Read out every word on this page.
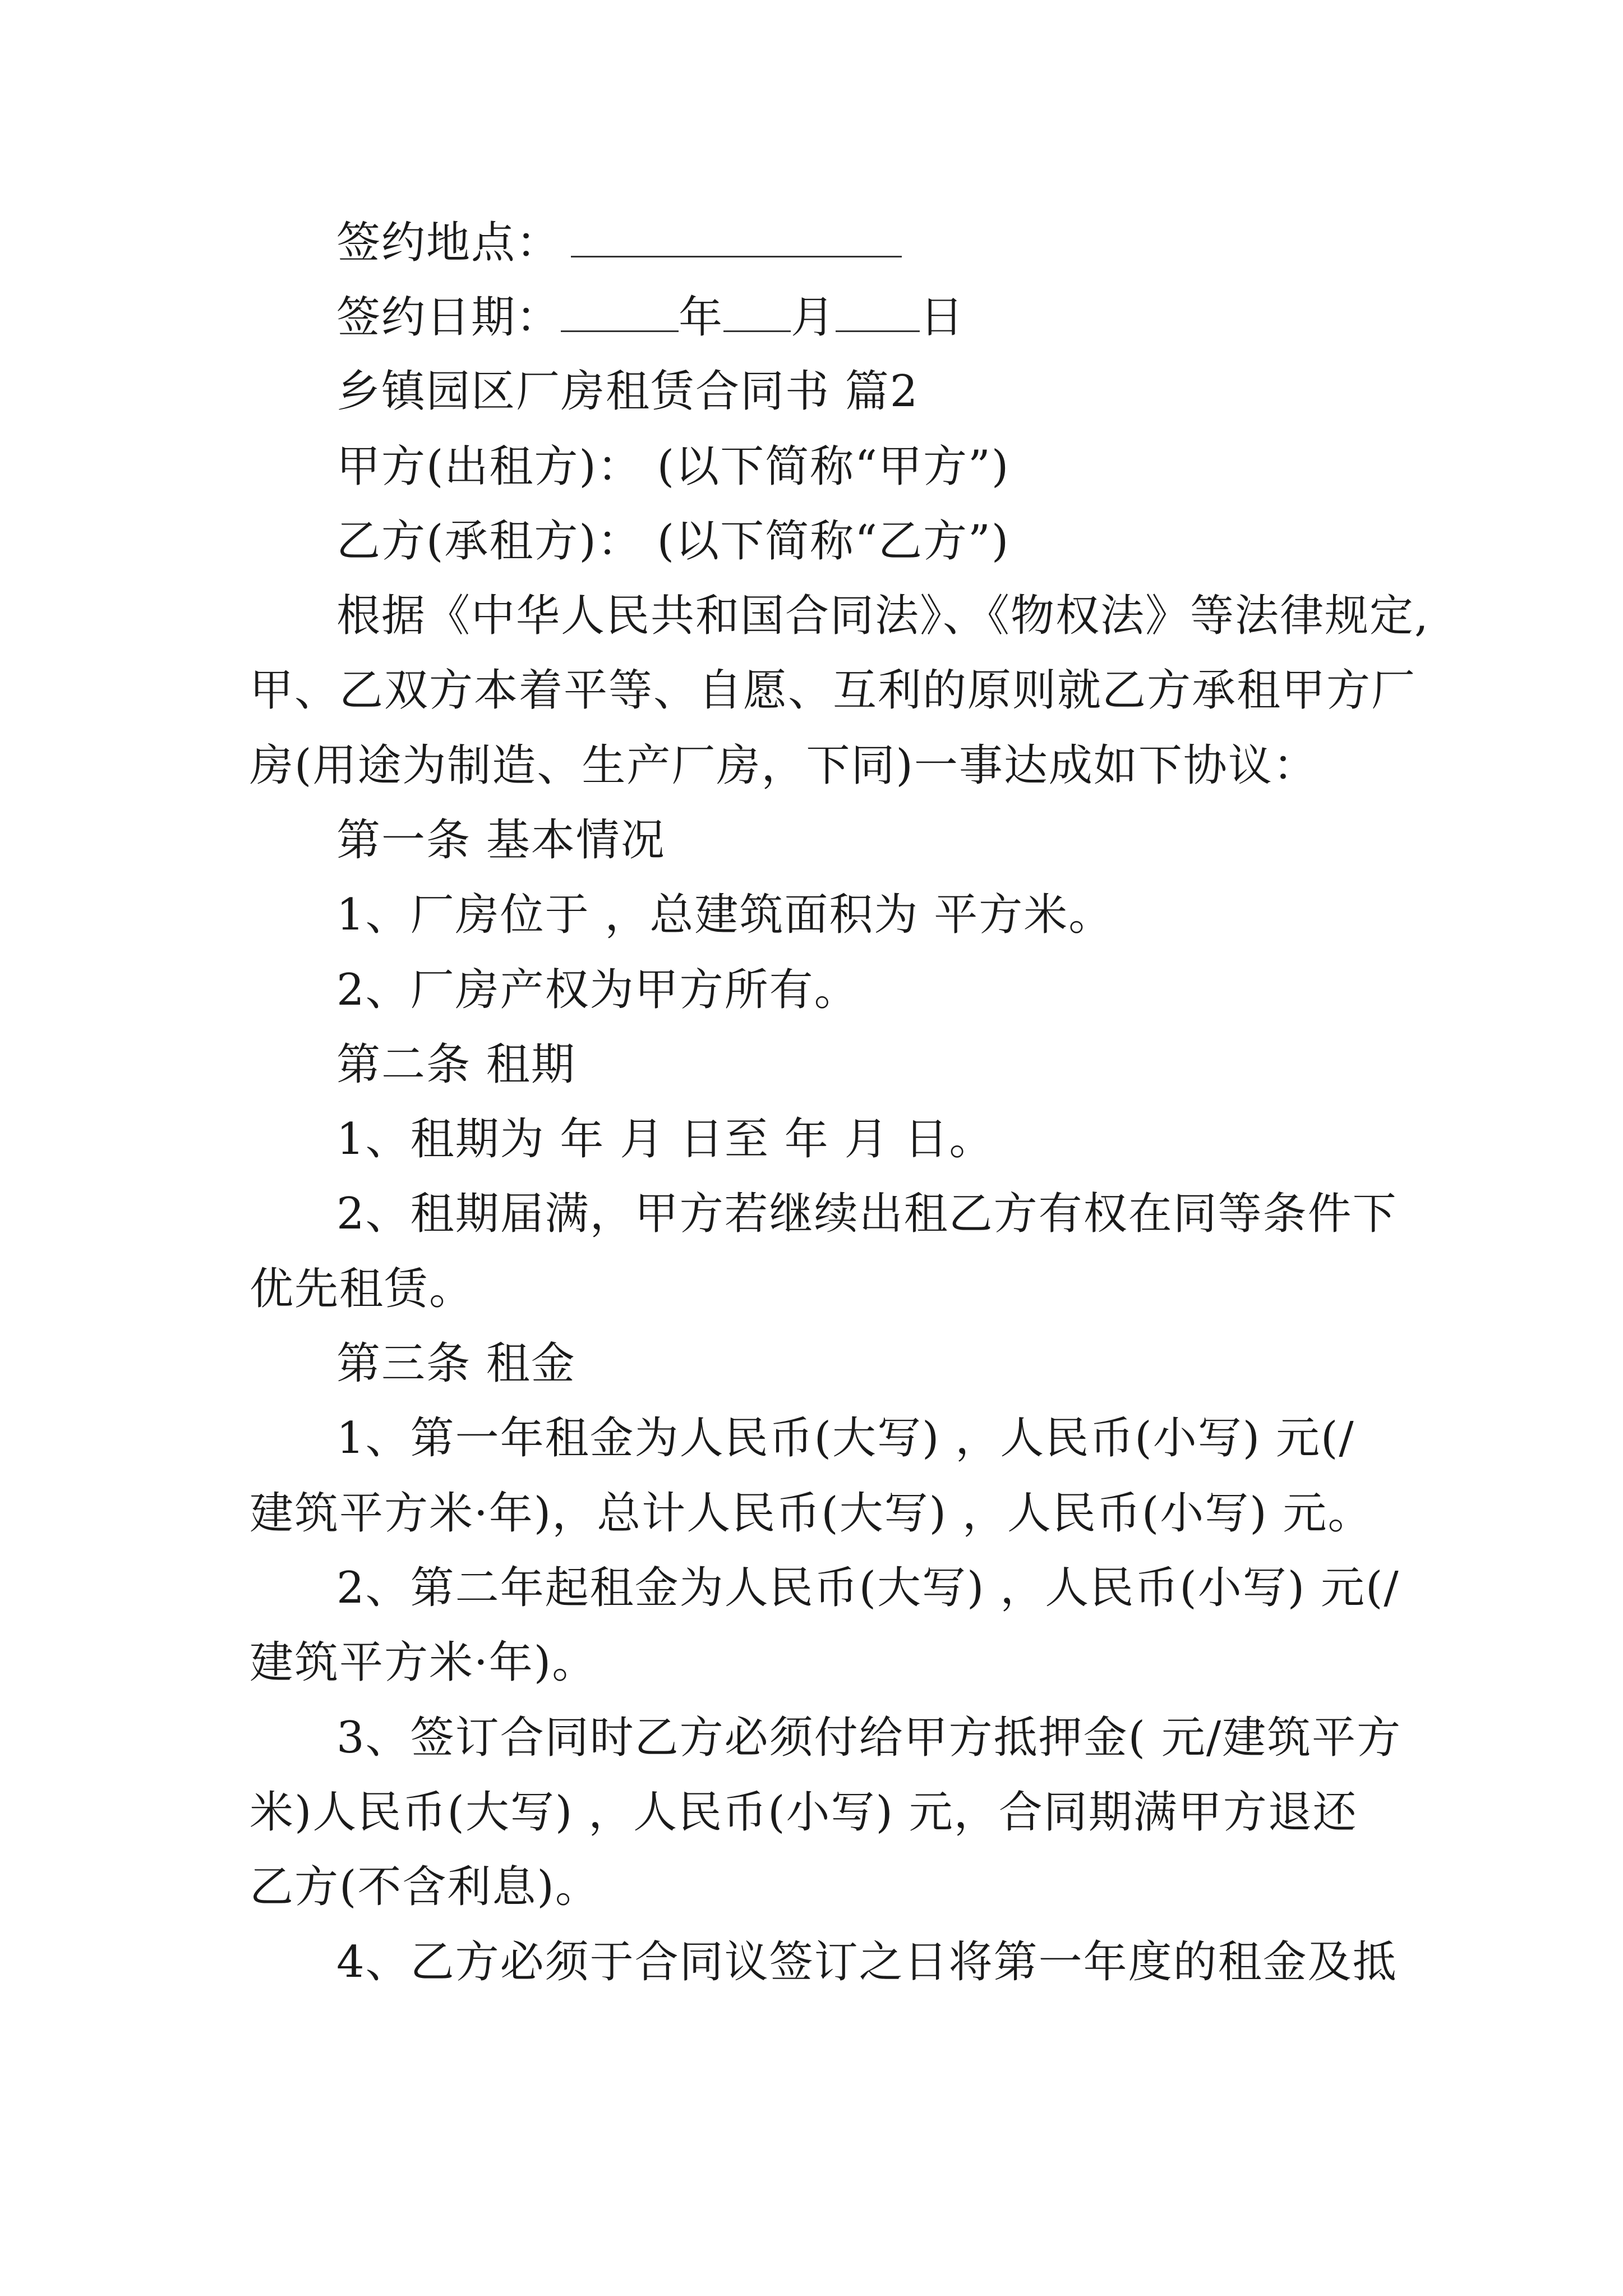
签约地点：
签约日期：	年 月 日
乡镇园区厂房租赁合同书 篇2
甲方(出租方)： (以下简称“甲方”)
乙方(承租方)： (以下简称“乙方”)
根据《中华人民共和国合同法》、《物权法》等法律规定,
甲、乙双方本着平等、自愿、互利的原则就乙方承租甲方厂
房(用途为制造、生产厂房，下同)一事达成如下协议：
第一条 基本情况
1、厂房位于 ，总建筑面积为 平方米。
2、厂房产权为甲方所有。
第二条 租期
1、租期为 年 月 日至 年 月 日。
2、租期届满，甲方若继续出租乙方有权在同等条件下
优先租赁。
第三条 租金
1、第一年租金为人民币(大写) ，人民币(小写) 元(/
建筑平方米·年)，总计人民币(大写) ，人民币(小写) 元。
2、第二年起租金为人民币(大写) ，人民币(小写) 元(/
建筑平方米·年)。
3、签订合同时乙方必须付给甲方抵押金( 元/建筑平方
米)人民币(大写) ，人民币(小写) 元，合同期满甲方退还
乙方(不含利息)。
4、乙方必须于合同议签订之日将第一年度的租金及抵
